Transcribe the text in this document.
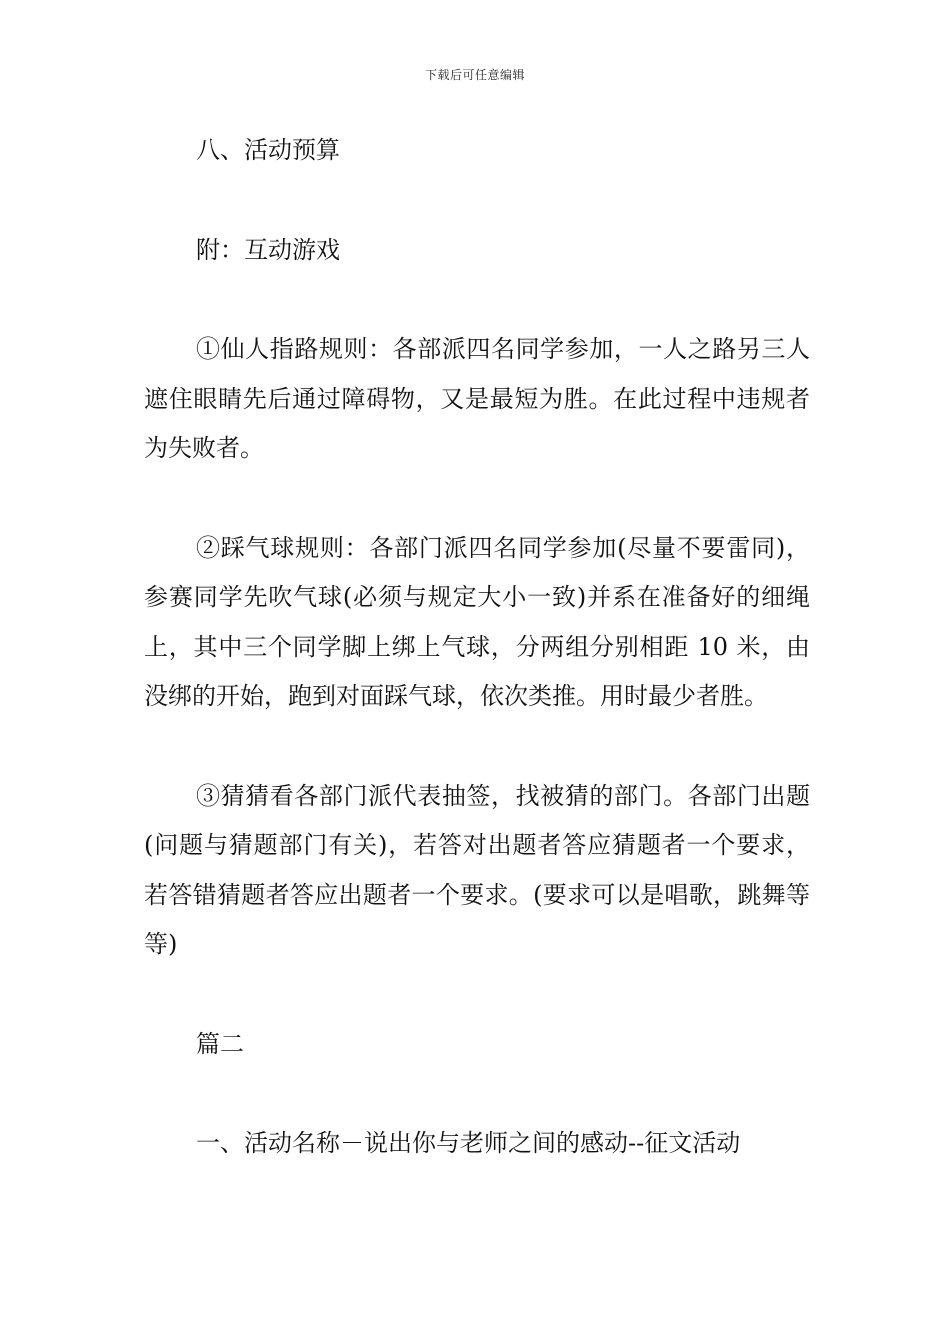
下载后可任意编辑

八、活动预算

附：互动游戏

①仙人指路规则：各部派四名同学参加，一人之路另三人遮住眼睛先后通过障碍物，又是最短为胜。在此过程中违规者为失败者。

②踩气球规则：各部门派四名同学参加(尽量不要雷同)，参赛同学先吹气球(必须与规定大小一致)并系在准备好的细绳上，其中三个同学脚上绑上气球，分两组分别相距 10 米，由没绑的开始，跑到对面踩气球，依次类推。用时最少者胜。

③猜猜看各部门派代表抽签，找被猜的部门。各部门出题(问题与猜题部门有关)，若答对出题者答应猜题者一个要求，若答错猜题者答应出题者一个要求。(要求可以是唱歌，跳舞等等)

篇二

一、活动名称－说出你与老师之间的感动--征文活动
